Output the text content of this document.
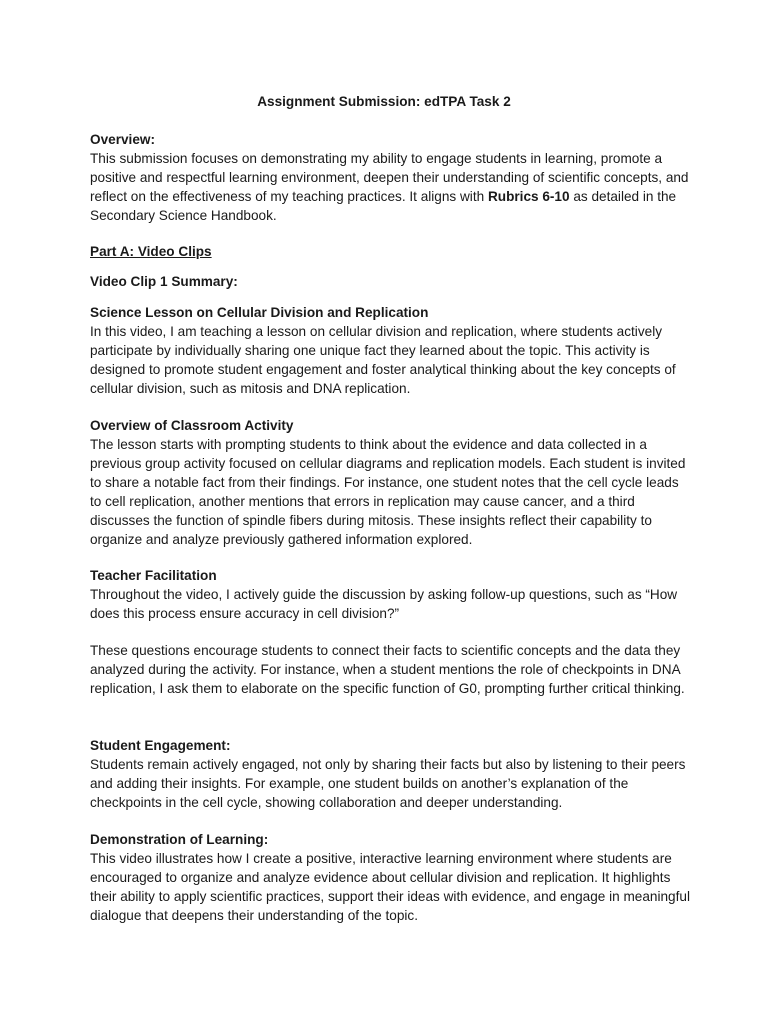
Assignment Submission: edTPA Task 2

Overview:

This submission focuses on demonstrating my ability to engage students in learning, promote a positive and respectful learning environment, deepen their understanding of scientific concepts, and reflect on the effectiveness of my teaching practices. It aligns with Rubrics 6-10 as detailed in the Secondary Science Handbook.

Part A: Video Clips

Video Clip 1 Summary:

Science Lesson on Cellular Division and Replication

In this video, I am teaching a lesson on cellular division and replication, where students actively participate by individually sharing one unique fact they learned about the topic. This activity is designed to promote student engagement and foster analytical thinking about the key concepts of cellular division, such as mitosis and DNA replication.

Overview of Classroom Activity

The lesson starts with prompting students to think about the evidence and data collected in a previous group activity focused on cellular diagrams and replication models. Each student is invited to share a notable fact from their findings. For instance, one student notes that the cell cycle leads to cell replication, another mentions that errors in replication may cause cancer, and a third discusses the function of spindle fibers during mitosis. These insights reflect their capability to organize and analyze previously gathered information explored.

Teacher Facilitation

Throughout the video, I actively guide the discussion by asking follow-up questions, such as “How does this process ensure accuracy in cell division?”

These questions encourage students to connect their facts to scientific concepts and the data they analyzed during the activity. For instance, when a student mentions the role of checkpoints in DNA replication, I ask them to elaborate on the specific function of G0, prompting further critical thinking.

Student Engagement:

Students remain actively engaged, not only by sharing their facts but also by listening to their peers and adding their insights. For example, one student builds on another’s explanation of the checkpoints in the cell cycle, showing collaboration and deeper understanding.

Demonstration of Learning:

This video illustrates how I create a positive, interactive learning environment where students are encouraged to organize and analyze evidence about cellular division and replication. It highlights their ability to apply scientific practices, support their ideas with evidence, and engage in meaningful dialogue that deepens their understanding of the topic.
